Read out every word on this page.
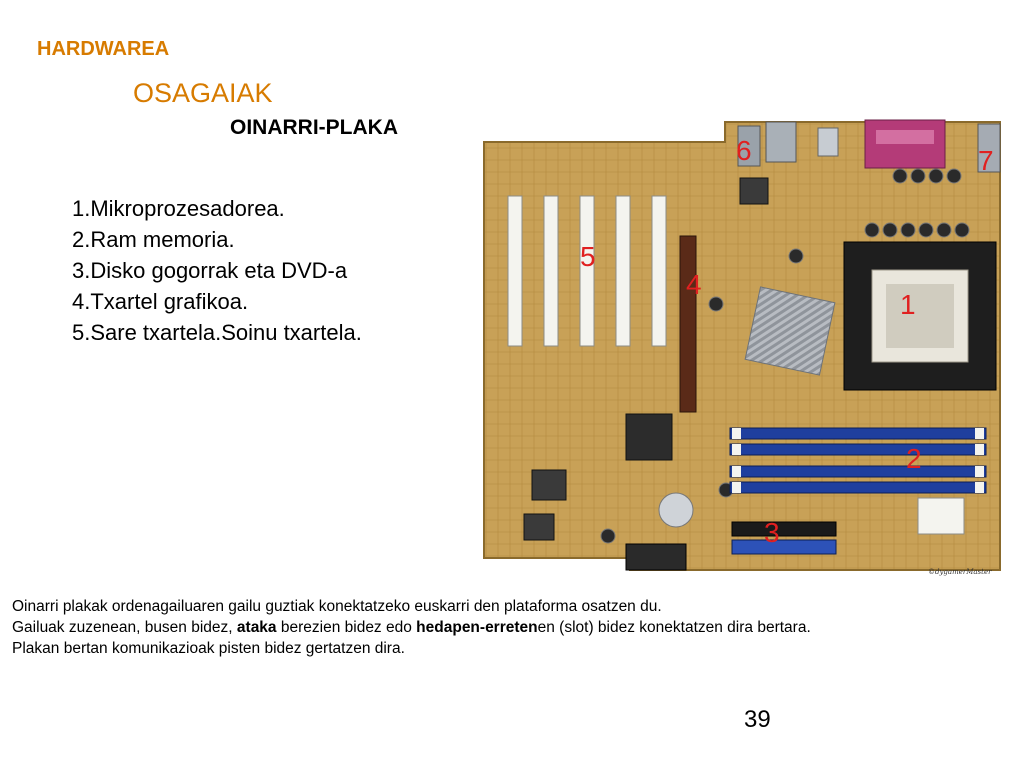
HARDWAREA
OSAGAIAK
OINARRI-PLAKA
1.Mikroprozesadorea.
2.Ram memoria.
3.Disko gogorrak eta DVD-a
4.Txartel grafikoa.
5.Sare txartela.Soinu txartela.
1
2
3
4
5
6	7
©dygamerMaster

Oinarri plakak ordenagailuaren gailu guztiak konektatzeko euskarri den plataforma osatzen du.

Gailuak zuzenean, busen bidez, ataka berezien bidez edo hedapen-erretenen (slot) bidez konektatzen dira bertara.

Plakan bertan komunikazioak pisten bidez gertatzen dira.

39
